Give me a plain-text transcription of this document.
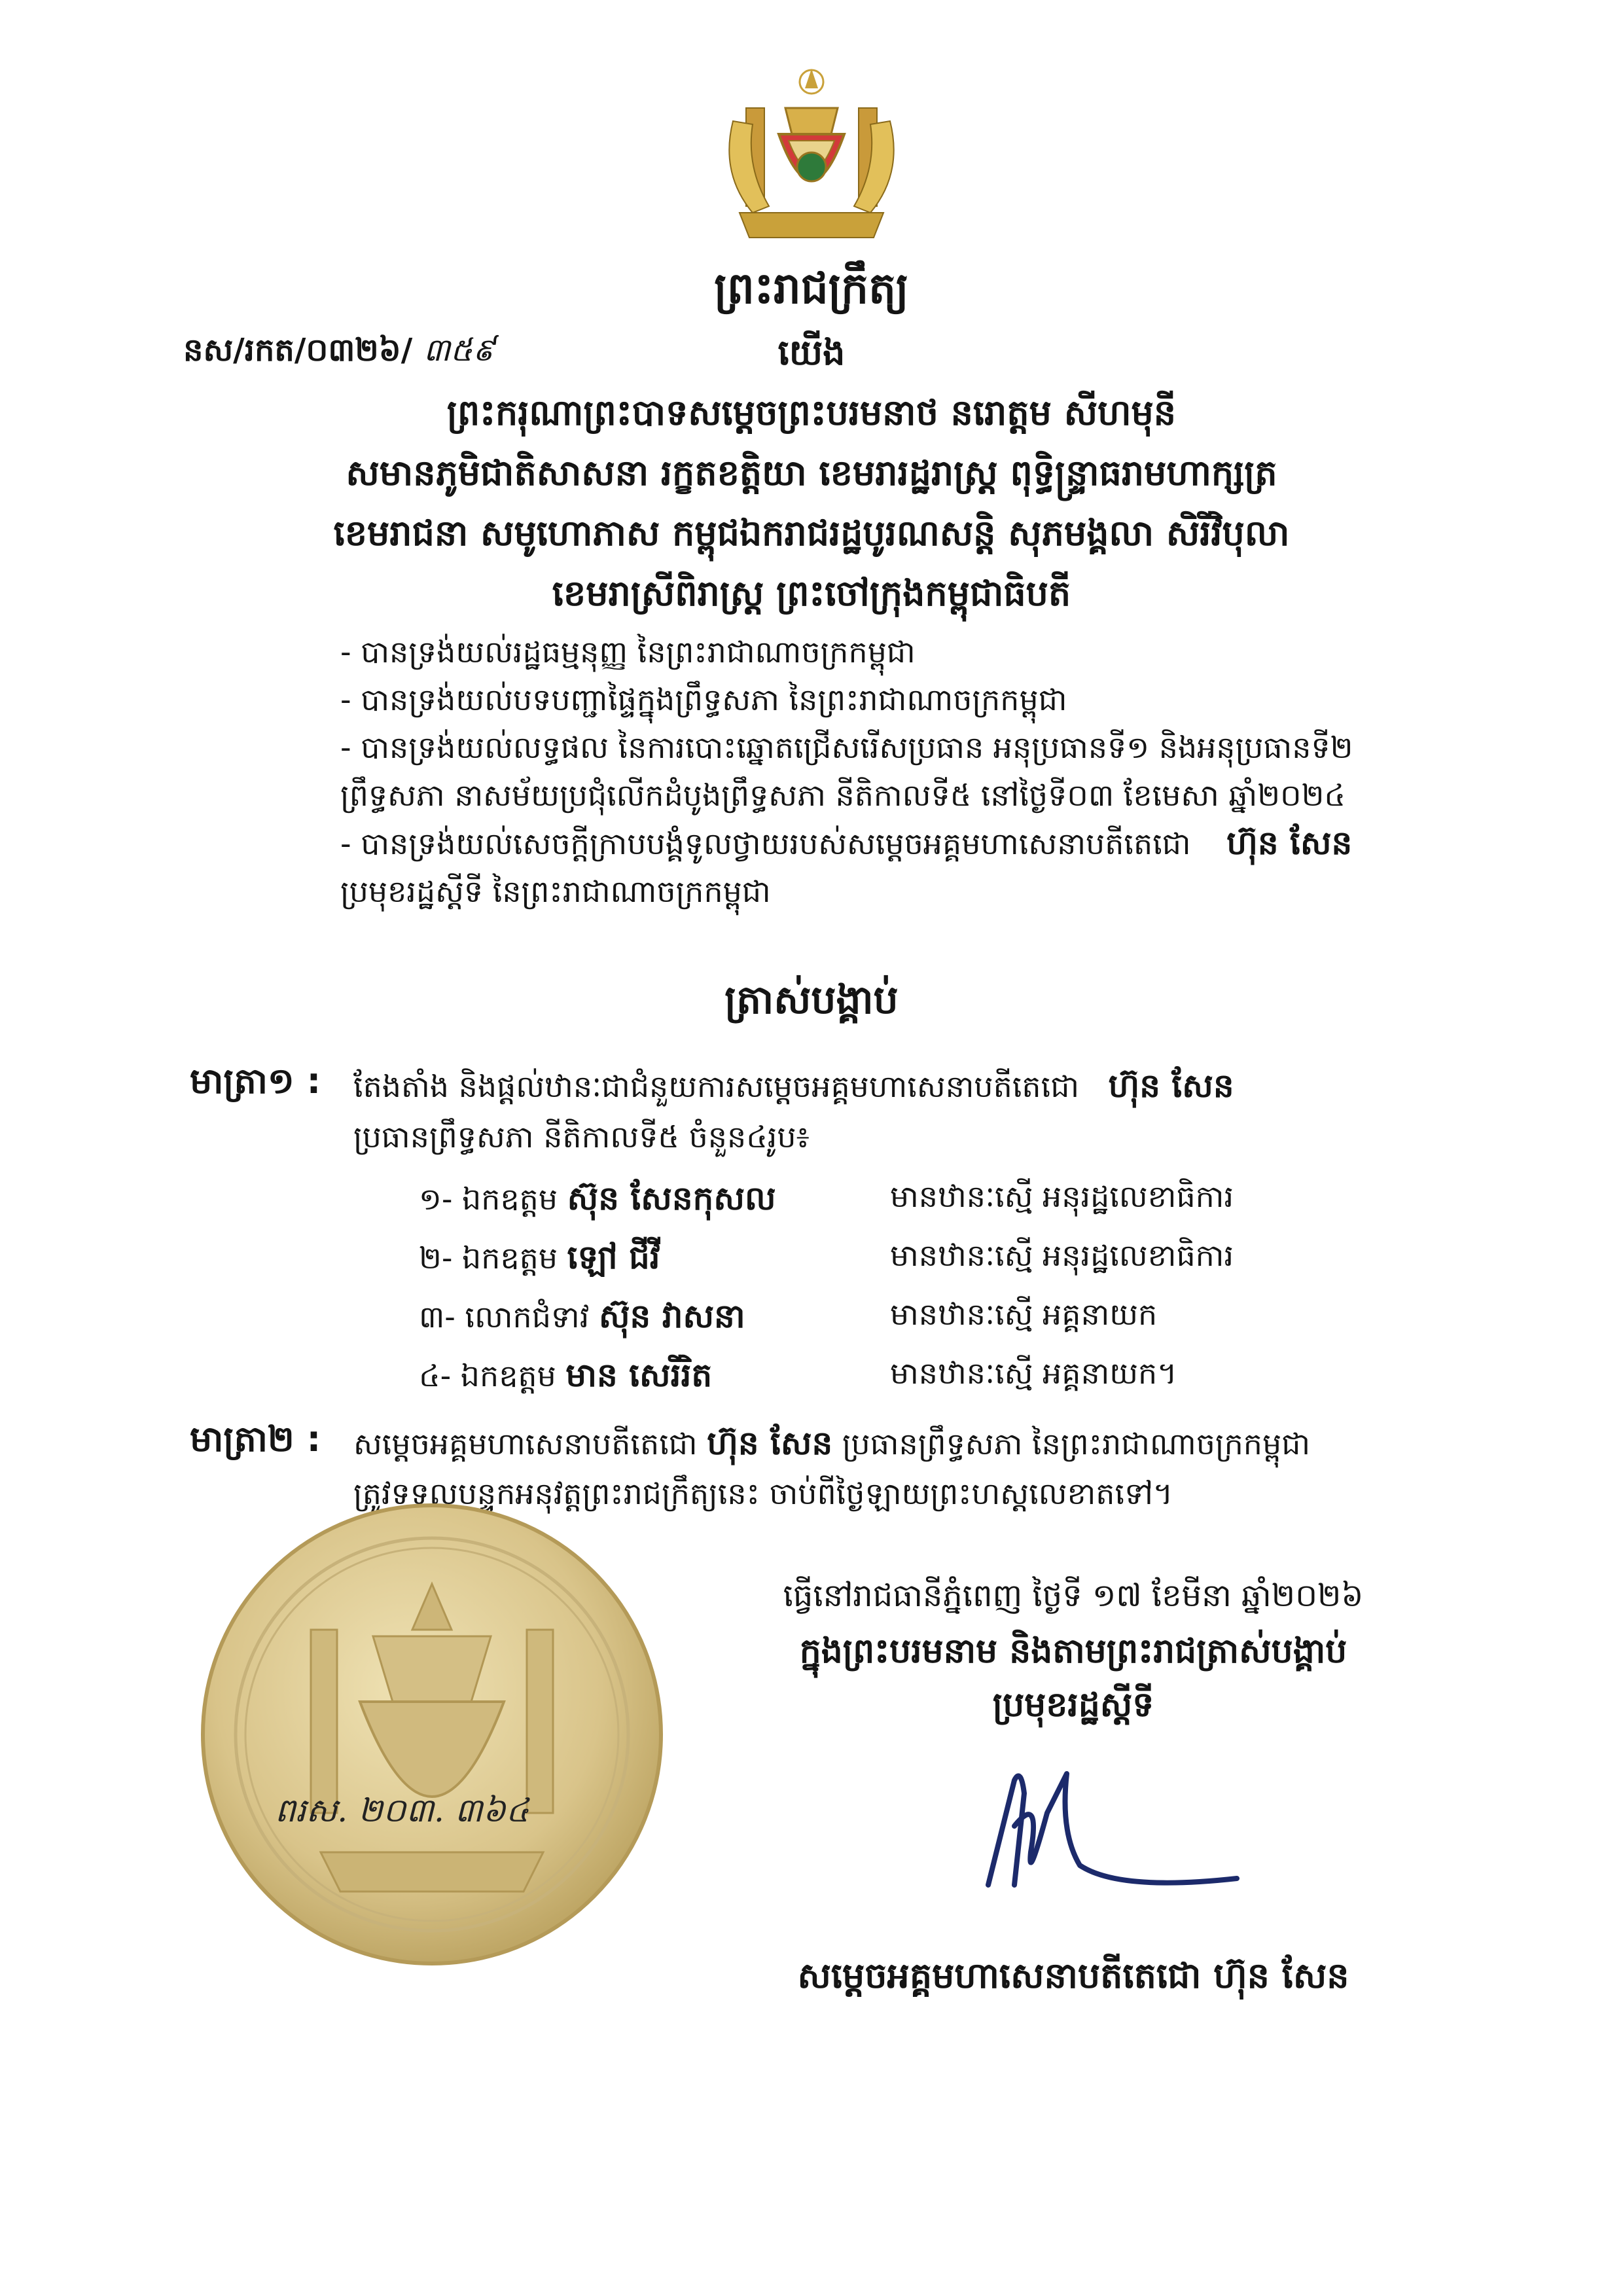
ព្រះរាជក្រឹត្យ
នស/រកត/០៣២៦/ ៣៥៩	យើង
ព្រះករុណាព្រះបាទសម្តេចព្រះបរមនាថ នរោត្តម សីហមុនី
សមានភូមិជាតិសាសនា រក្ខតខត្តិយា ខេមរារដ្ឋរាស្ត្រ ពុទ្ធិន្ទ្រាធរាមហាក្សត្រ
ខេមរាជនា សមូហោភាស កម្ពុជឯករាជរដ្ឋបូរណសន្តិ សុភមង្គលា សិរីវិបុលា
ខេមរាស្រីពិរាស្ត្រ ព្រះចៅក្រុងកម្ពុជាធិបតី
- បានទ្រង់យល់រដ្ឋធម្មនុញ្ញ នៃព្រះរាជាណាចក្រកម្ពុជា
- បានទ្រង់យល់បទបញ្ជាផ្ទៃក្នុងព្រឹទ្ធសភា នៃព្រះរាជាណាចក្រកម្ពុជា
- បានទ្រង់យល់លទ្ធផល នៃការបោះឆ្នោតជ្រើសរើសប្រធាន អនុប្រធានទី១ និងអនុប្រធានទី២
ព្រឹទ្ធសភា នាសម័យប្រជុំលើកដំបូងព្រឹទ្ធសភា នីតិកាលទី៥ នៅថ្ងៃទី០៣ ខែមេសា ឆ្នាំ២០២៤
- បានទ្រង់យល់សេចក្តីក្រាបបង្គំទូលថ្វាយរបស់សម្តេចអគ្គមហាសេនាបតីតេជោ ហ៊ុន សែន
ប្រមុខរដ្ឋស្តីទី នៃព្រះរាជាណាចក្រកម្ពុជា
ត្រាស់បង្គាប់
មាត្រា១ : តែងតាំង និងផ្តល់ឋានៈជាជំនួយការសម្តេចអគ្គមហាសេនាបតីតេជោ ហ៊ុន សែន
ប្រធានព្រឹទ្ធសភា នីតិកាលទី៥ ចំនួន៤រូប៖
១- ឯកឧត្តម ស៊ុន សែនកុសល	មានឋានៈស្មើ អនុរដ្ឋលេខាធិការ
២- ឯកឧត្តម ឡៅ ជីវី	មានឋានៈស្មើ អនុរដ្ឋលេខាធិការ
៣- លោកជំទាវ ស៊ុន វាសនា	មានឋានៈស្មើ អគ្គនាយក
៤- ឯកឧត្តម មាន សេរីរិត	មានឋានៈស្មើ អគ្គនាយក។
មាត្រា២ : សម្តេចអគ្គមហាសេនាបតីតេជោ ហ៊ុន សែន ប្រធានព្រឹទ្ធសភា នៃព្រះរាជាណាចក្រកម្ពុជា
ត្រូវទទួលបន្ទុកអនុវត្តព្រះរាជក្រឹត្យនេះ ចាប់ពីថ្ងៃឡាយព្រះហស្តលេខាតទៅ។
ពរស. ២០៣. ៣៦៤
ធ្វើនៅរាជធានីភ្នំពេញ ថ្ងៃទី ១៧ ខែមីនា ឆ្នាំ២០២៦
ក្នុងព្រះបរមនាម និងតាមព្រះរាជត្រាស់បង្គាប់
ប្រមុខរដ្ឋស្តីទី
សម្តេចអគ្គមហាសេនាបតីតេជោ ហ៊ុន សែន
